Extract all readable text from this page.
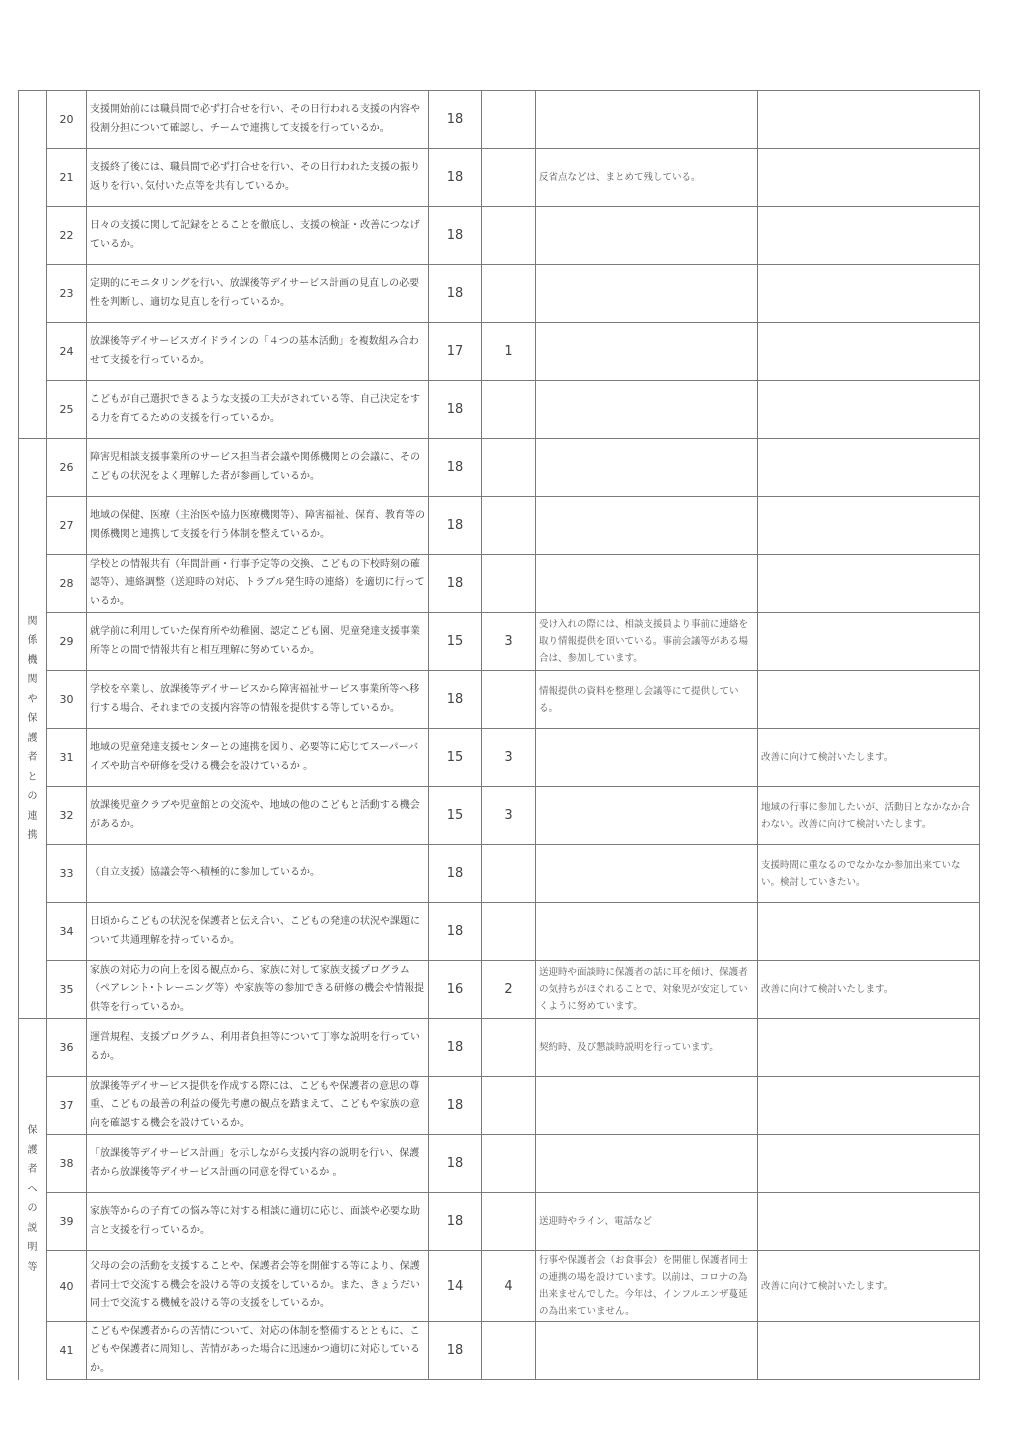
	20	支援開始前には職員間で必ず打合せを行い、その日行われる支援の内容や役割分担について確認し、チームで連携して支援を行っているか。	18			
	21	支援終了後には、職員間で必ず打合せを行い、その日行われた支援の振り返りを行い､気付いた点等を共有しているか。	18		反省点などは、まとめて残している。	
	22	日々の支援に関して記録をとることを徹底し、支援の検証・改善につなげているか。	18			
	23	定期的にモニタリングを行い、放課後等デイサービス計画の見直しの必要性を判断し、適切な見直しを行っているか。	18			
	24	放課後等デイサービスガイドラインの「４つの基本活動」を複数組み合わせて支援を行っているか。	17	1		
	25	こどもが自己選択できるような支援の工夫がされている等、自己決定をする力を育てるための支援を行っているか。	18			
関係機関や保護者との連携	26	障害児相談支援事業所のサービス担当者会議や関係機関との会議に、そのこどもの状況をよく理解した者が参画しているか。	18			
	27	地域の保健、医療（主治医や協力医療機関等）、障害福祉、保育、教育等の関係機関と連携して支援を行う体制を整えているか。	18			
	28	学校との情報共有（年間計画・行事予定等の交換、こどもの下校時刻の確認等）、連絡調整（送迎時の対応、トラブル発生時の連絡）を適切に行っているか。	18			
	29	就学前に利用していた保育所や幼稚園、認定こども園、児童発達支援事業所等との間で情報共有と相互理解に努めているか。	15	3	受け入れの際には、相談支援員より事前に連絡を取り情報提供を頂いている。事前会議等がある場合は、参加しています。	
	30	学校を卒業し、放課後等デイサービスから障害福祉サービス事業所等へ移行する場合、それまでの支援内容等の情報を提供する等しているか。	18		情報提供の資料を整理し会議等にて提供している。	
	31	地域の児童発達支援センターとの連携を図り、必要等に応じてスーパーバイズや助言や研修を受ける機会を設けているか 。	15	3		改善に向けて検討いたします。
	32	放課後児童クラブや児童館との交流や、地域の他のこどもと活動する機会があるか。	15	3		地域の行事に参加したいが、活動日となかなか合わない。改善に向けて検討いたします。
	33	（自立支援）協議会等へ積極的に参加しているか。	18			支援時間に重なるのでなかなか参加出来ていない。検討していきたい。
	34	日頃からこどもの状況を保護者と伝え合い、こどもの発達の状況や課題について共通理解を持っているか。	18			
	35	家族の対応力の向上を図る観点から、家族に対して家族支援プログラム（ペアレント･トレーニング等）や家族等の参加できる研修の機会や情報提供等を行っているか。	16	2	送迎時や面談時に保護者の話に耳を傾け、保護者の気持ちがほぐれることで、対象児が安定していくように努めています。	改善に向けて検討いたします。
保護者への説明等	36	運営規程、支援プログラム、利用者負担等について丁寧な説明を行っているか。	18		契約時、及び懇談時説明を行っています。	
	37	放課後等デイサービス提供を作成する際には、こどもや保護者の意思の尊重、こどもの最善の利益の優先考慮の観点を踏まえて、こどもや家族の意向を確認する機会を設けているか。	18			
	38	「放課後等デイサービス計画」を示しながら支援内容の説明を行い、保護者から放課後等デイサービス計画の同意を得ているか 。	18			
	39	家族等からの子育ての悩み等に対する相談に適切に応じ、面談や必要な助言と支援を行っているか。	18		送迎時やライン、電話など	
	40	父母の会の活動を支援することや、保護者会等を開催する等により、保護者同士で交流する機会を設ける等の支援をしているか。また、きょうだい同士で交流する機械を設ける等の支援をしているか。	14	4	行事や保護者会（お食事会）を開催し保護者同士の連携の場を設けています。以前は、コロナの為出来ませんでした。今年は、インフルエンザ蔓延の為出来ていません。	改善に向けて検討いたします。
	41	こどもや保護者からの苦情について、対応の体制を整備するとともに、こどもや保護者に周知し、苦情があった場合に迅速かつ適切に対応しているか。	18			
